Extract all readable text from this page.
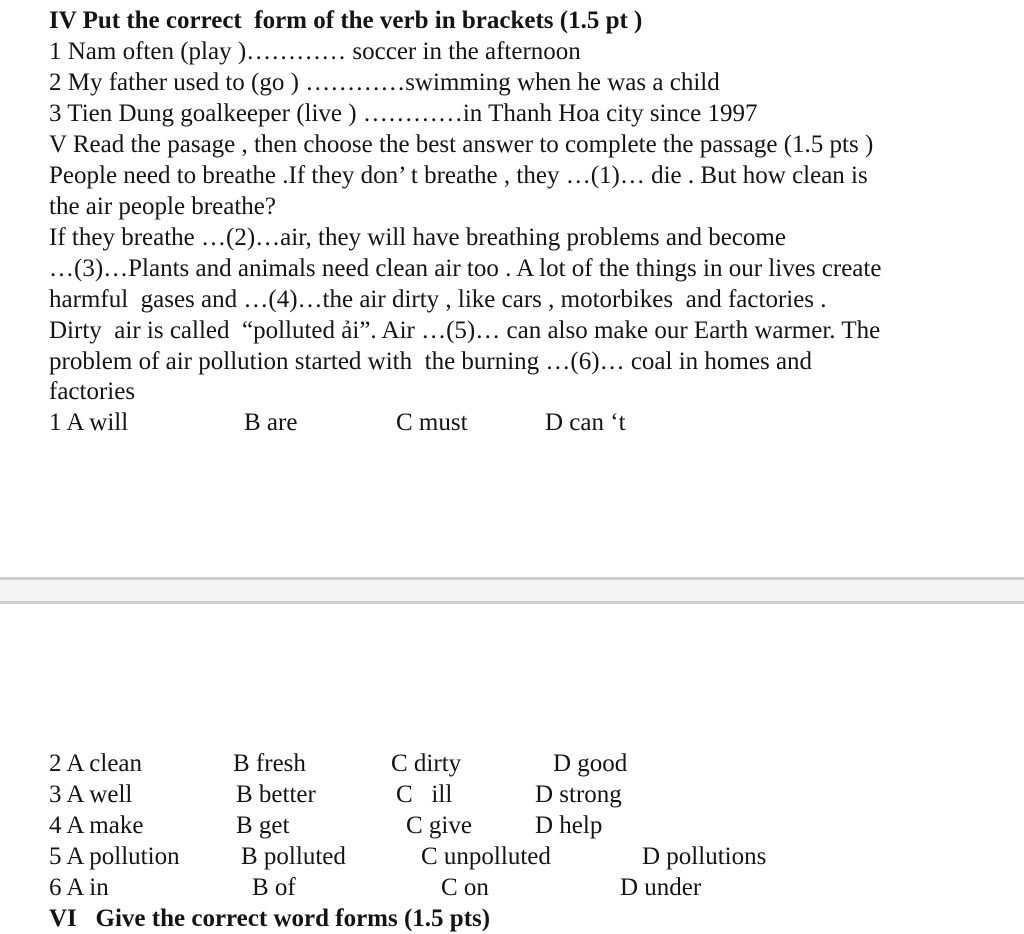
IV Put the correct  form of the verb in brackets (1.5 pt )
1 Nam often (play )………… soccer in the afternoon
2 My father used to (go ) …………swimming when he was a child
3 Tien Dung goalkeeper (live ) …………in Thanh Hoa city since 1997
V Read the pasage , then choose the best answer to complete the passage (1.5 pts )
People need to breathe .If they don’ t breathe , they …(1)… die . But how clean is
the air people breathe?
If they breathe …(2)…air, they will have breathing problems and become
…(3)…Plants and animals need clean air too . A lot of the things in our lives create
harmful  gases and …(4)…the air dirty , like cars , motorbikes  and factories .
Dirty  air is called  “polluted ải”. Air …(5)… can also make our Earth warmer. The
problem of air pollution started with  the burning …(6)… coal in homes and
factories
1 A will	B are	C must	D can ‘t
2 A clean	B fresh	C dirty	D good
3 A well	B better	C   ill	D strong
4 A make	B get	C give	D help
5 A pollution B polluted	C unpolluted	D pollutions
6 A in	B of	C on	D under
VI   Give the correct word forms (1.5 pts)
